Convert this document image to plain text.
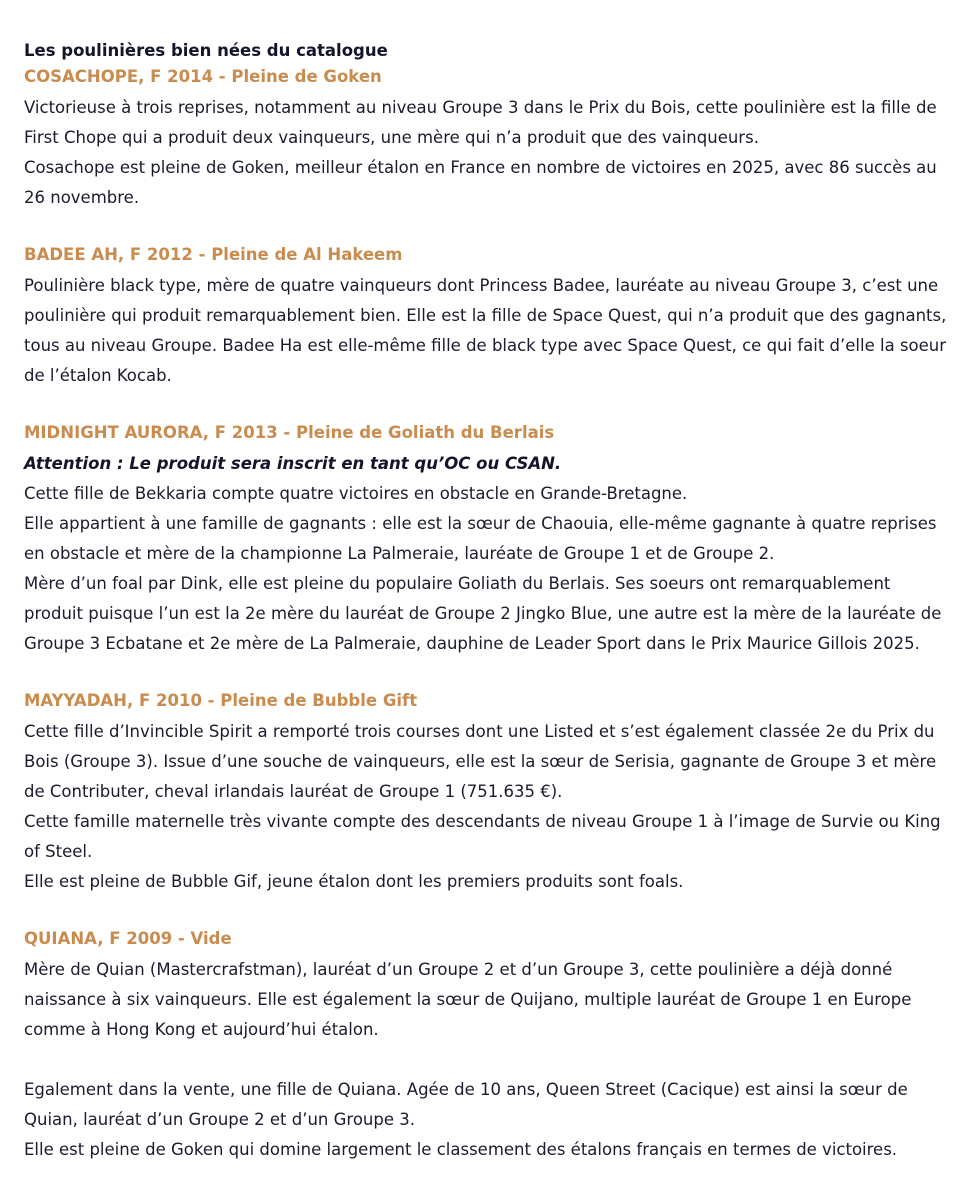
Les poulinières bien nées du catalogue

COSACHOPE, F 2014 - Pleine de Goken

Victorieuse à trois reprises, notamment au niveau Groupe 3 dans le Prix du Bois, cette poulinière est la fille de First Chope qui a produit deux vainqueurs, une mère qui n’a produit que des vainqueurs.

Cosachope est pleine de Goken, meilleur étalon en France en nombre de victoires en 2025, avec 86 succès au 26 novembre.

BADEE AH, F 2012 - Pleine de Al Hakeem

Poulinière black type, mère de quatre vainqueurs dont Princess Badee, lauréate au niveau Groupe 3, c’est une poulinière qui produit remarquablement bien. Elle est la fille de Space Quest, qui n’a produit que des gagnants, tous au niveau Groupe. Badee Ha est elle-même fille de black type avec Space Quest, ce qui fait d’elle la soeur de l’étalon Kocab.

MIDNIGHT AURORA, F 2013 - Pleine de Goliath du Berlais

Attention : Le produit sera inscrit en tant qu’OC ou CSAN.

Cette fille de Bekkaria compte quatre victoires en obstacle en Grande-Bretagne.

Elle appartient à une famille de gagnants : elle est la sœur de Chaouia, elle-même gagnante à quatre reprises en obstacle et mère de la championne La Palmeraie, lauréate de Groupe 1 et de Groupe 2.

Mère d’un foal par Dink, elle est pleine du populaire Goliath du Berlais. Ses soeurs ont remarquablement produit puisque l’un est la 2e mère du lauréat de Groupe 2 Jingko Blue, une autre est la mère de la lauréate de Groupe 3 Ecbatane et 2e mère de La Palmeraie, dauphine de Leader Sport dans le Prix Maurice Gillois 2025.

MAYYADAH, F 2010 - Pleine de Bubble Gift

Cette fille d’Invincible Spirit a remporté trois courses dont une Listed et s’est également classée 2e du Prix du Bois (Groupe 3). Issue d’une souche de vainqueurs, elle est la sœur de Serisia, gagnante de Groupe 3 et mère de Contributer, cheval irlandais lauréat de Groupe 1 (751.635 €).

Cette famille maternelle très vivante compte des descendants de niveau Groupe 1 à l’image de Survie ou King of Steel.

Elle est pleine de Bubble Gif, jeune étalon dont les premiers produits sont foals.

QUIANA, F 2009 - Vide

Mère de Quian (Mastercrafstman), lauréat d’un Groupe 2 et d’un Groupe 3, cette poulinière a déjà donné naissance à six vainqueurs. Elle est également la sœur de Quijano, multiple lauréat de Groupe 1 en Europe comme à Hong Kong et aujourd’hui étalon.

Egalement dans la vente, une fille de Quiana. Agée de 10 ans, Queen Street (Cacique) est ainsi la sœur de Quian, lauréat d’un Groupe 2 et d’un Groupe 3.

Elle est pleine de Goken qui domine largement le classement des étalons français en termes de victoires.
